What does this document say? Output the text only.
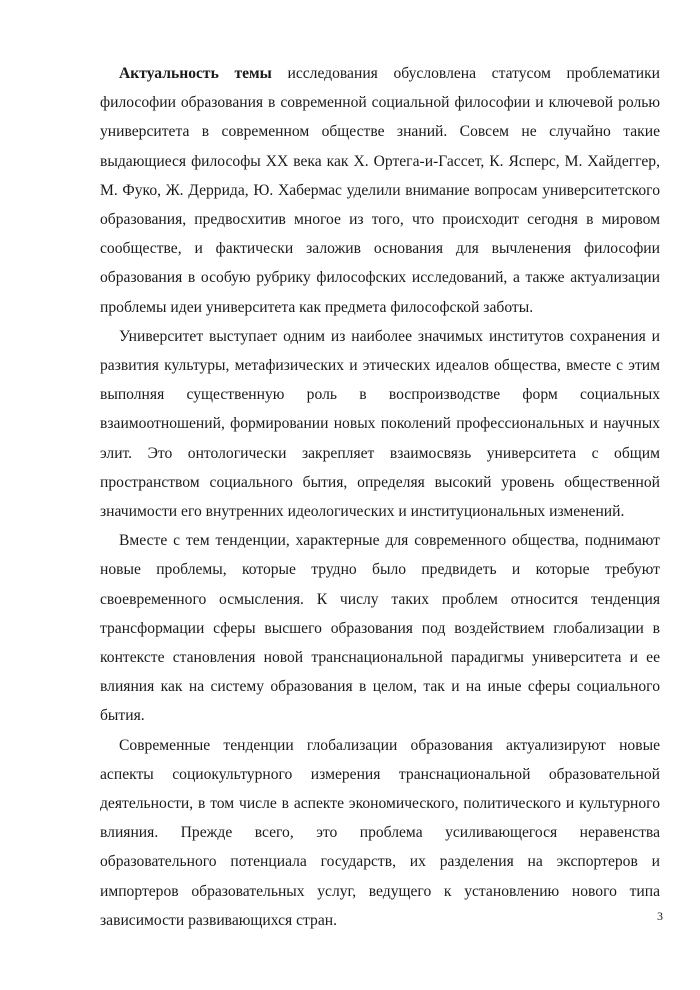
Актуальность темы исследования обусловлена статусом проблематики философии образования в современной социальной философии и ключевой ролью университета в современном обществе знаний. Совсем не случайно такие выдающиеся философы XX века как Х. Ортега-и-Гассет, К. Ясперс, М. Хайдеггер, М. Фуко, Ж. Деррида, Ю. Хабермас уделили внимание вопросам университетского образования, предвосхитив многое из того, что происходит сегодня в мировом сообществе, и фактически заложив основания для вычленения философии образования в особую рубрику философских исследований, а также актуализации проблемы идеи университета как предмета философской заботы.

Университет выступает одним из наиболее значимых институтов сохранения и развития культуры, метафизических и этических идеалов общества, вместе с этим выполняя существенную роль в воспроизводстве форм социальных взаимоотношений, формировании новых поколений профессиональных и научных элит. Это онтологически закрепляет взаимосвязь университета с общим пространством социального бытия, определяя высокий уровень общественной значимости его внутренних идеологических и институциональных изменений.

Вместе с тем тенденции, характерные для современного общества, поднимают новые проблемы, которые трудно было предвидеть и которые требуют своевременного осмысления. К числу таких проблем относится тенденция трансформации сферы высшего образования под воздействием глобализации в контексте становления новой транснациональной парадигмы университета и ее влияния как на систему образования в целом, так и на иные сферы социального бытия.

Современные тенденции глобализации образования актуализируют новые аспекты социокультурного измерения транснациональной образовательной деятельности, в том числе в аспекте экономического, политического и культурного влияния. Прежде всего, это проблема усиливающегося неравенства образовательного потенциала государств, их разделения на экспортеров и импортеров образовательных услуг, ведущего к установлению нового типа зависимости развивающихся стран.	3
